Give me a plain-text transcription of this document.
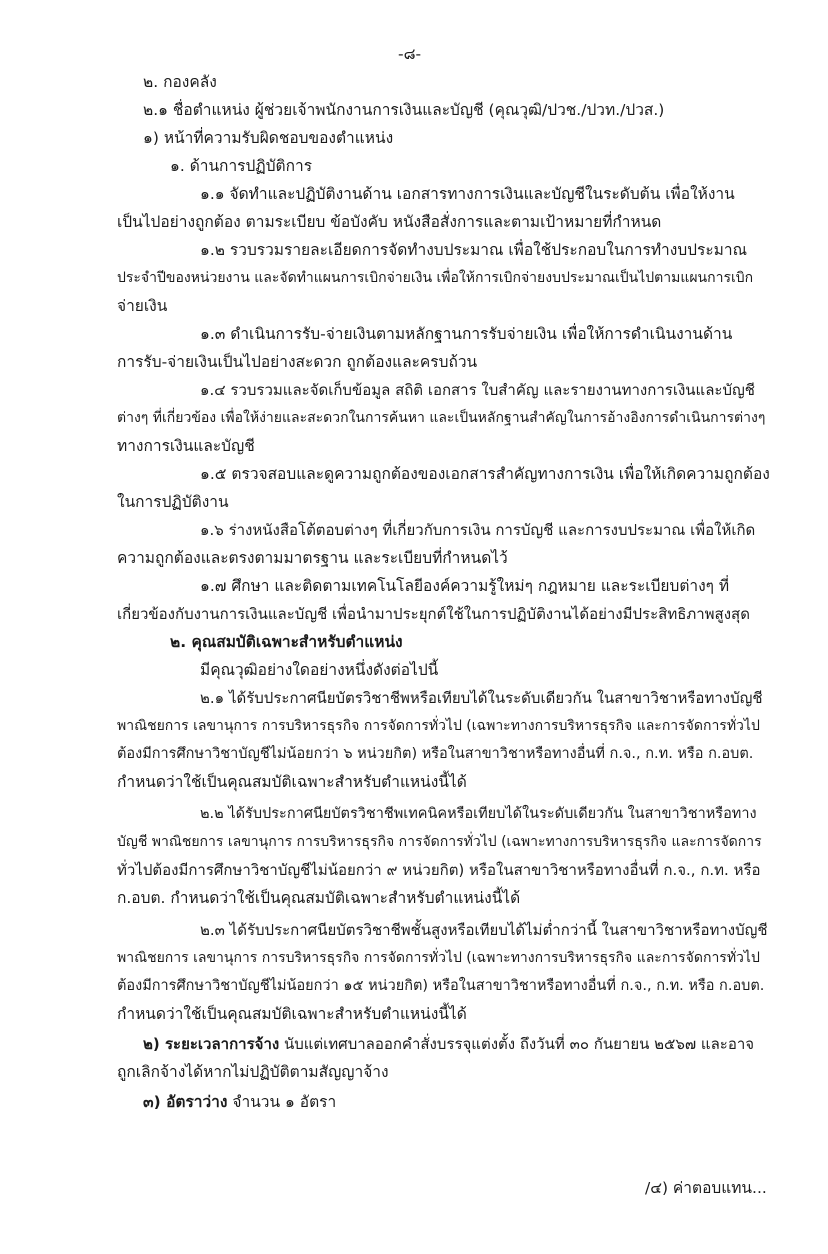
-๘-
๒. กองคลัง
๒.๑ ชื่อตำแหน่ง ผู้ช่วยเจ้าพนักงานการเงินและบัญชี (คุณวุฒิ/ปวช./ปวท./ปวส.)
๑) หน้าที่ความรับผิดชอบของตำแหน่ง
๑. ด้านการปฏิบัติการ
๑.๑ จัดทำและปฏิบัติงานด้าน เอกสารทางการเงินและบัญชีในระดับต้น เพื่อให้งาน
เป็นไปอย่างถูกต้อง ตามระเบียบ ข้อบังคับ หนังสือสั่งการและตามเป้าหมายที่กำหนด
๑.๒ รวบรวมรายละเอียดการจัดทำงบประมาณ เพื่อใช้ประกอบในการทำงบประมาณ
ประจำปีของหน่วยงาน และจัดทำแผนการเบิกจ่ายเงิน เพื่อให้การเบิกจ่ายงบประมาณเป็นไปตามแผนการเบิก
จ่ายเงิน
๑.๓ ดำเนินการรับ-จ่ายเงินตามหลักฐานการรับจ่ายเงิน เพื่อให้การดำเนินงานด้าน
การรับ-จ่ายเงินเป็นไปอย่างสะดวก ถูกต้องและครบถ้วน
๑.๔ รวบรวมและจัดเก็บข้อมูล สถิติ เอกสาร ใบสำคัญ และรายงานทางการเงินและบัญชี
ต่างๆ ที่เกี่ยวข้อง เพื่อให้ง่ายและสะดวกในการค้นหา และเป็นหลักฐานสำคัญในการอ้างอิงการดำเนินการต่างๆ
ทางการเงินและบัญชี
๑.๕ ตรวจสอบและดูความถูกต้องของเอกสารสำคัญทางการเงิน เพื่อให้เกิดความถูกต้อง
ในการปฏิบัติงาน
๑.๖ ร่างหนังสือโต้ตอบต่างๆ ที่เกี่ยวกับการเงิน การบัญชี และการงบประมาณ เพื่อให้เกิด
ความถูกต้องและตรงตามมาตรฐาน และระเบียบที่กำหนดไว้
๑.๗ ศึกษา และติดตามเทคโนโลยีองค์ความรู้ใหม่ๆ กฎหมาย และระเบียบต่างๆ ที่
เกี่ยวข้องกับงานการเงินและบัญชี เพื่อนำมาประยุกต์ใช้ในการปฏิบัติงานได้อย่างมีประสิทธิภาพสูงสุด
๒. คุณสมบัติเฉพาะสำหรับตำแหน่ง
มีคุณวุฒิอย่างใดอย่างหนึ่งดังต่อไปนี้
๒.๑ ได้รับประกาศนียบัตรวิชาชีพหรือเทียบได้ในระดับเดียวกัน ในสาขาวิชาหรือทางบัญชี
พาณิชยการ เลขานุการ การบริหารธุรกิจ การจัดการทั่วไป (เฉพาะทางการบริหารธุรกิจ และการจัดการทั่วไป
ต้องมีการศึกษาวิชาบัญชีไม่น้อยกว่า ๖ หน่วยกิต) หรือในสาขาวิชาหรือทางอื่นที่ ก.จ., ก.ท. หรือ ก.อบต.
กำหนดว่าใช้เป็นคุณสมบัติเฉพาะสำหรับตำแหน่งนี้ได้
๒.๒ ได้รับประกาศนียบัตรวิชาชีพเทคนิคหรือเทียบได้ในระดับเดียวกัน ในสาขาวิชาหรือทาง
บัญชี พาณิชยการ เลขานุการ การบริหารธุรกิจ การจัดการทั่วไป (เฉพาะทางการบริหารธุรกิจ และการจัดการ
ทั่วไปต้องมีการศึกษาวิชาบัญชีไม่น้อยกว่า ๙ หน่วยกิต) หรือในสาขาวิชาหรือทางอื่นที่ ก.จ., ก.ท. หรือ
ก.อบต. กำหนดว่าใช้เป็นคุณสมบัติเฉพาะสำหรับตำแหน่งนี้ได้
๒.๓ ได้รับประกาศนียบัตรวิชาชีพชั้นสูงหรือเทียบได้ไม่ต่ำกว่านี้ ในสาขาวิชาหรือทางบัญชี
พาณิชยการ เลขานุการ การบริหารธุรกิจ การจัดการทั่วไป (เฉพาะทางการบริหารธุรกิจ และการจัดการทั่วไป
ต้องมีการศึกษาวิชาบัญชีไม่น้อยกว่า ๑๕ หน่วยกิต) หรือในสาขาวิชาหรือทางอื่นที่ ก.จ., ก.ท. หรือ ก.อบต.
กำหนดว่าใช้เป็นคุณสมบัติเฉพาะสำหรับตำแหน่งนี้ได้
๒) ระยะเวลาการจ้าง นับแต่เทศบาลออกคำสั่งบรรจุแต่งตั้ง ถึงวันที่ ๓๐ กันยายน ๒๕๖๗ และอาจ
ถูกเลิกจ้างได้หากไม่ปฏิบัติตามสัญญาจ้าง
๓) อัตราว่าง จำนวน ๑ อัตรา
/๔) ค่าตอบแทน...
